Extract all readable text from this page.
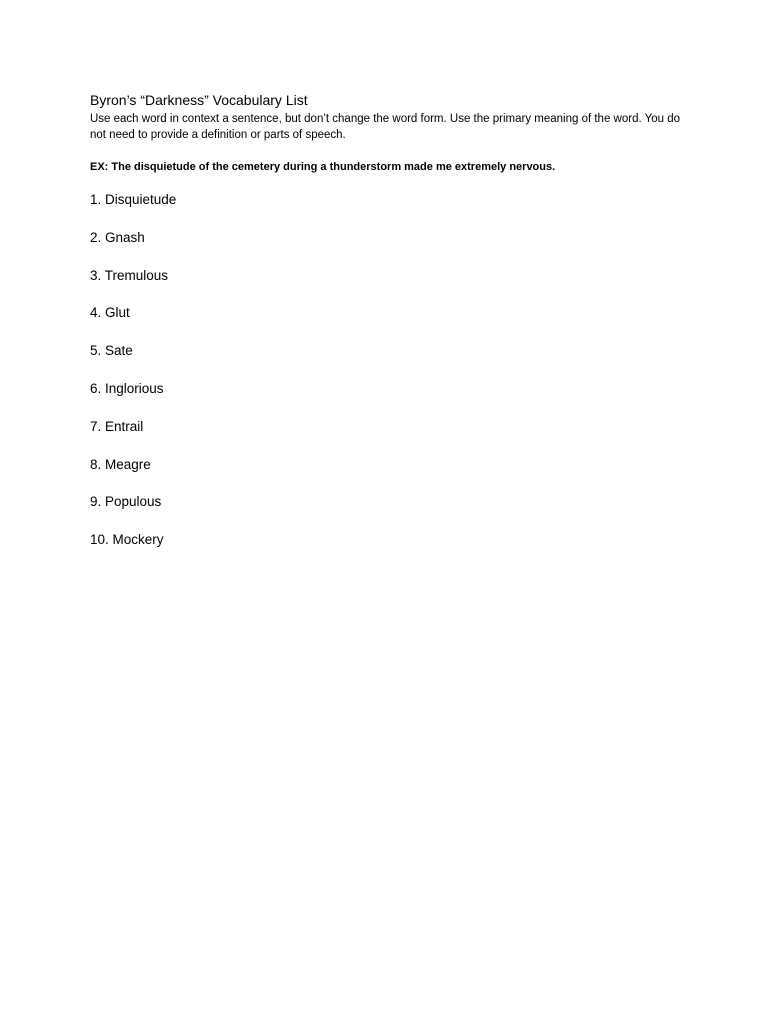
Byron’s “Darkness” Vocabulary List
Use each word in context a sentence, but don’t change the word form. Use the primary meaning of the word. You do not need to provide a definition or parts of speech.
EX: The disquietude of the cemetery during a thunderstorm made me extremely nervous.
1. Disquietude
2. Gnash
3. Tremulous
4. Glut
5. Sate
6. Inglorious
7. Entrail
8. Meagre
9. Populous
10. Mockery
